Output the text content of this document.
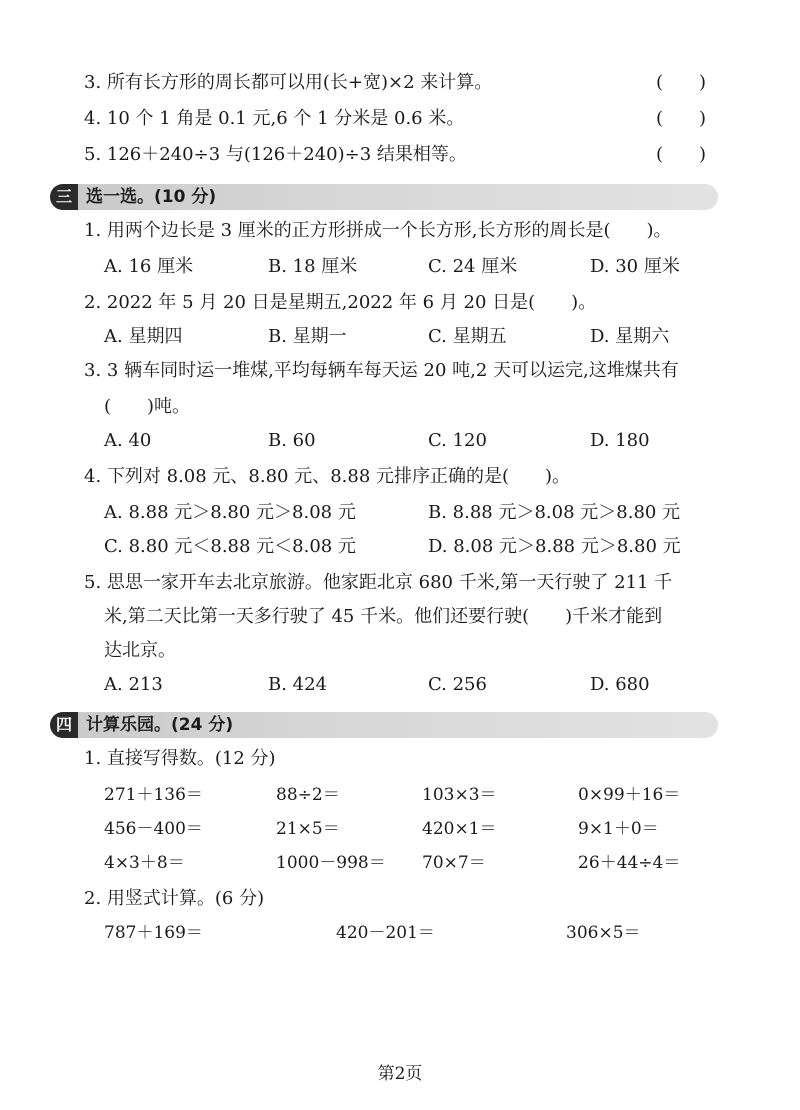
3. 所有长方形的周长都可以用(长+宽)×2 来计算。	(　　)
4. 10 个 1 角是 0.1 元,6 个 1 分米是 0.6 米。	(　　)
5. 126＋240÷3 与(126＋240)÷3 结果相等。	(　　)
三 选一选。(10 分)
1. 用两个边长是 3 厘米的正方形拼成一个长方形,长方形的周长是(　　)。
A. 16 厘米	B. 18 厘米	C. 24 厘米	D. 30 厘米
2. 2022 年 5 月 20 日是星期五,2022 年 6 月 20 日是(　　)。
A. 星期四	B. 星期一	C. 星期五	D. 星期六
3. 3 辆车同时运一堆煤,平均每辆车每天运 20 吨,2 天可以运完,这堆煤共有
(　　)吨。
A. 40	B. 60	C. 120	D. 180
4. 下列对 8.08 元、8.80 元、8.88 元排序正确的是(　　)。
A. 8.88 元＞8.80 元＞8.08 元	B. 8.88 元＞8.08 元＞8.80 元
C. 8.80 元＜8.88 元＜8.08 元	D. 8.08 元＞8.88 元＞8.80 元
5. 思思一家开车去北京旅游。他家距北京 680 千米,第一天行驶了 211 千
米,第二天比第一天多行驶了 45 千米。他们还要行驶(　　)千米才能到
达北京。
A. 213	B. 424	C. 256	D. 680
四 计算乐园。(24 分)
1. 直接写得数。(12 分)
271＋136＝	88÷2＝	103×3＝	0×99＋16＝
456－400＝	21×5＝	420×1＝	9×1＋0＝
4×3＋8＝	1000－998＝ 70×7＝	26＋44÷4＝
2. 用竖式计算。(6 分)
787＋169＝	420－201＝	306×5＝
第2页
